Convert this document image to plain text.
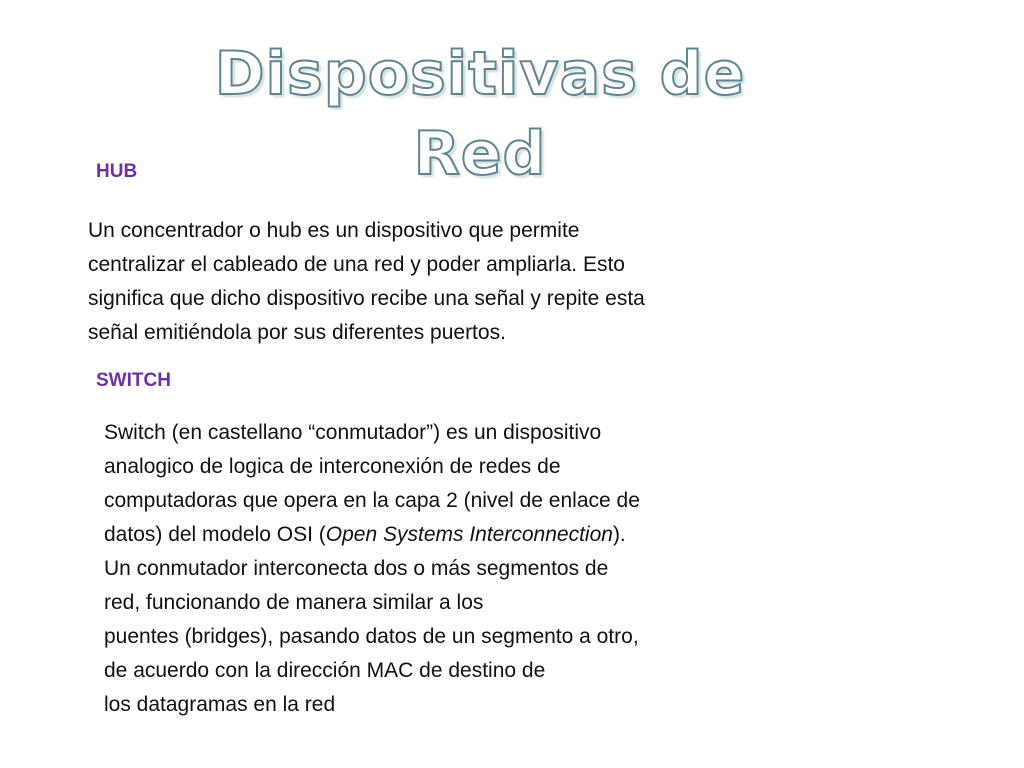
Dispositivas de Red
HUB

Un concentrador o hub es un dispositivo que permite
centralizar el cableado de una red y poder ampliarla. Esto
significa que dicho dispositivo recibe una señal y repite esta
señal emitiéndola por sus diferentes puertos.

SWITCH

Switch (en castellano “conmutador”) es un dispositivo
analogico de logica de interconexión de redes de
computadoras que opera en la capa 2 (nivel de enlace de
datos) del modelo OSI (Open Systems Interconnection).
Un conmutador interconecta dos o más segmentos de
red, funcionando de manera similar a los
puentes (bridges), pasando datos de un segmento a otro,
de acuerdo con la dirección MAC de destino de
los datagramas en la red
